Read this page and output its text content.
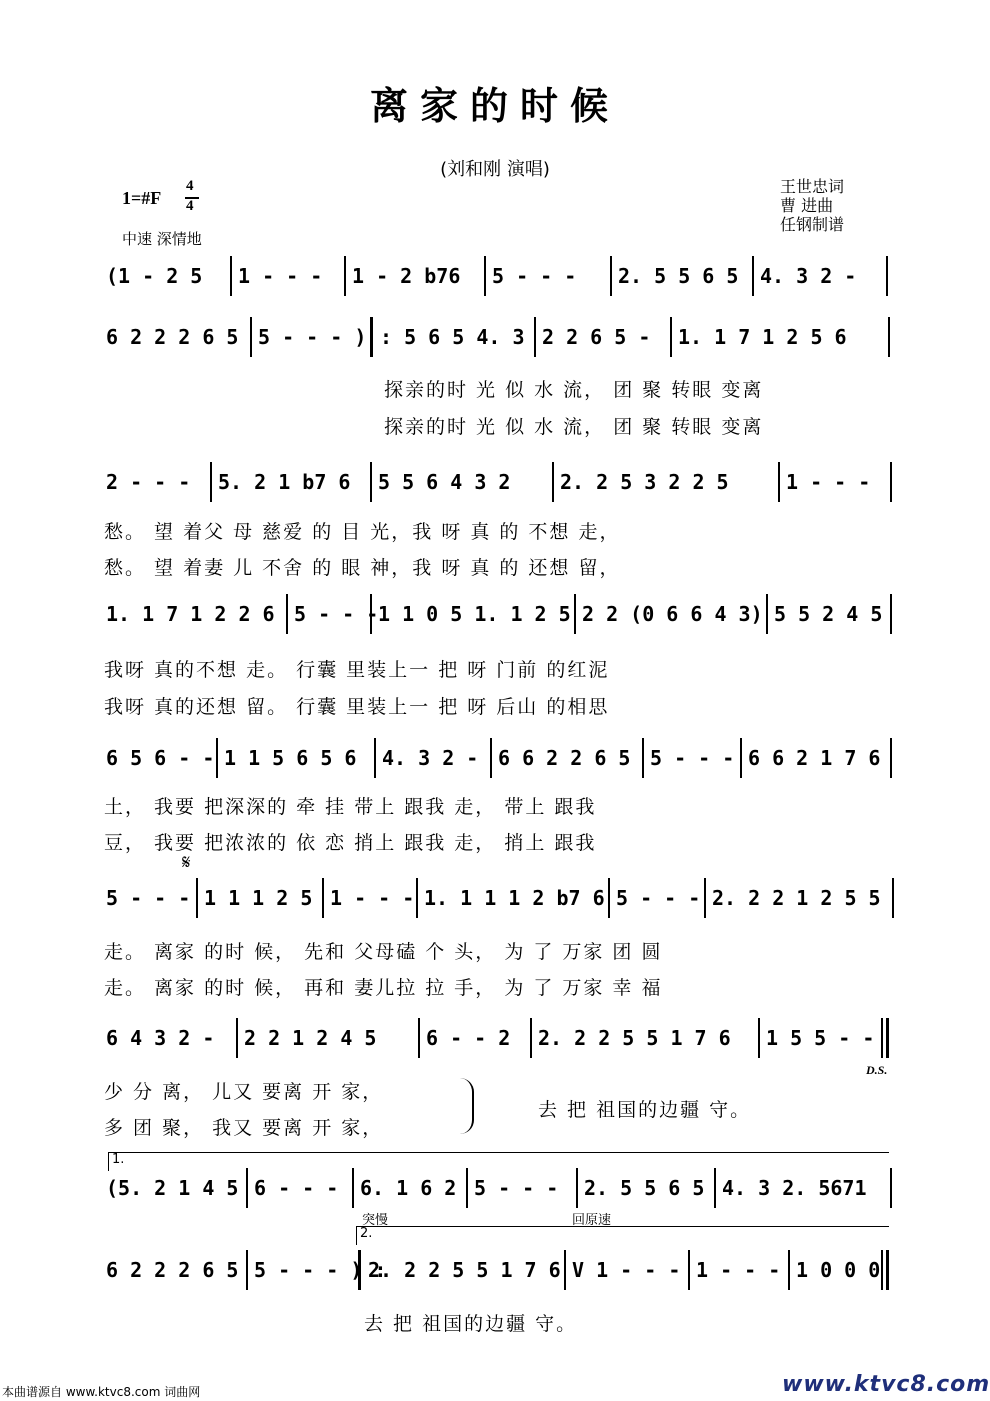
离家的时候
(刘和刚 演唱)
王世忠词
曹 进曲
任钢制谱
1=#F
4
4
中速 深情地
(1 - 2 5	1 - - -	1 - 2 b76	5 - - -	2. 5 5 6 5	4. 3 2 -
6 2 2 2 6 5 5 - - - ) : 5 6 5 4. 3 2 2 6 5 -	1. 1 7 1 2 5 6
探亲的时 光 似 水 流， 团 聚 转眼 变离
探亲的时 光 似 水 流， 团 聚 转眼 变离
2 - - -	5. 2 1 b7 6	5 5 6 4 3 2	2. 2 5 3 2 2 5	1 - - -
愁。 望 着父 母 慈爱 的 目 光，我 呀 真 的 不想 走，
愁。 望 着妻 儿 不舍 的 眼 神，我 呀 真 的 还想 留，
1. 1 7 1 2 2 6 5 - - - 1 1 0 5 1. 1 2 5 2 2 (0 6 6 4 3) 5 5 2 4 5
我呀 真的不想 走。 行囊 里装上一 把 呀 门前 的红泥
我呀 真的还想 留。 行囊 里装上一 把 呀 后山 的相思
6 5 6 - - 1 1 5 6 5 6	4. 3 2 - 6 6 2 2 6 5 5 - - - 6 6 2 1 7 6
土， 我要 把深深的 牵 挂 带上 跟我 走， 带上 跟我
豆， 我要 把浓浓的 依 恋 捎上 跟我 走， 捎上 跟我
𝄋
5 - - - 1 1 1 2 5 1 - - - 1. 1 1 1 2 b7 6 5 - - - 2. 2 2 1 2 5 5
走。 离家 的时 候， 先和 父母磕 个 头， 为 了 万家 团 圆
走。 离家 的时 候， 再和 妻儿拉 拉 手， 为 了 万家 幸 福
6 4 3 2 -	2 2 1 2 4 5	6 - - 2	2. 2 2 5 5 1 7 6	1 5 5 - -
D.S.
少 分 离， 儿又 要离 开 家，
多 团 聚， 我又 要离 开 家，
去 把 祖国的边疆 守。
1.
(5. 2 1 4 5 6 - - -	6. 1 6 2 5 - - -	2. 5 5 6 5 4. 3 2. 5671
突慢	回原速
2.
6 2 2 2 6 5 5 - - - ) :
2. 2 2 5 5 1 7 6 V 1 - - - 1 - - - 1 0 0 0
去 把 祖国的边疆 守。
本曲谱源自 www.ktvc8.com 词曲网	www.ktvc8.com
